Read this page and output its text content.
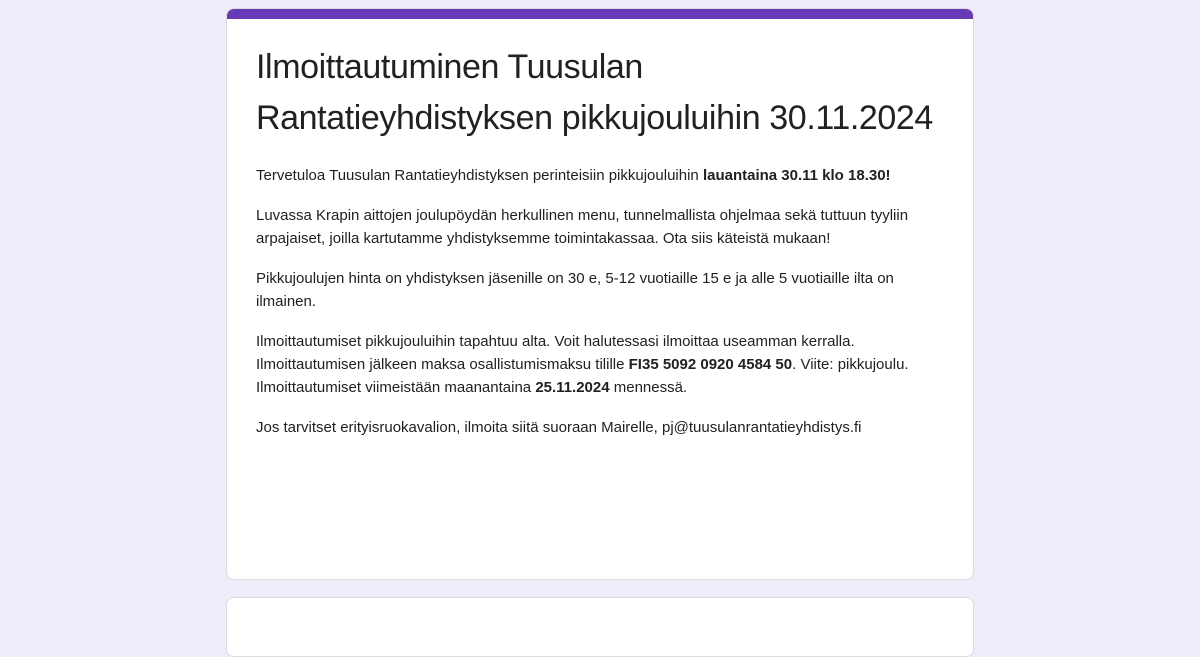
Ilmoittautuminen Tuusulan Rantatieyhdistyksen pikkujouluihin 30.11.2024

Tervetuloa Tuusulan Rantatieyhdistyksen perinteisiin pikkujouluihin lauantaina 30.11 klo 18.30!

Luvassa Krapin aittojen joulupöydän herkullinen menu, tunnelmallista ohjelmaa sekä tuttuun tyyliin arpajaiset, joilla kartutamme yhdistyksemme toimintakassaa. Ota siis käteistä mukaan!

Pikkujoulujen hinta on yhdistyksen jäsenille on 30 e, 5-12 vuotiaille 15 e ja alle 5 vuotiaille ilta on ilmainen.

Ilmoittautumiset pikkujouluihin tapahtuu alta. Voit halutessasi ilmoittaa useamman kerralla. Ilmoittautumisen jälkeen maksa osallistumismaksu tilille FI35 5092 0920 4584 50. Viite: pikkujoulu. Ilmoittautumiset viimeistään maanantaina 25.11.2024 mennessä.

Jos tarvitset erityisruokavalion, ilmoita siitä suoraan Mairelle, pj@tuusulanrantatieyhdistys.fi
